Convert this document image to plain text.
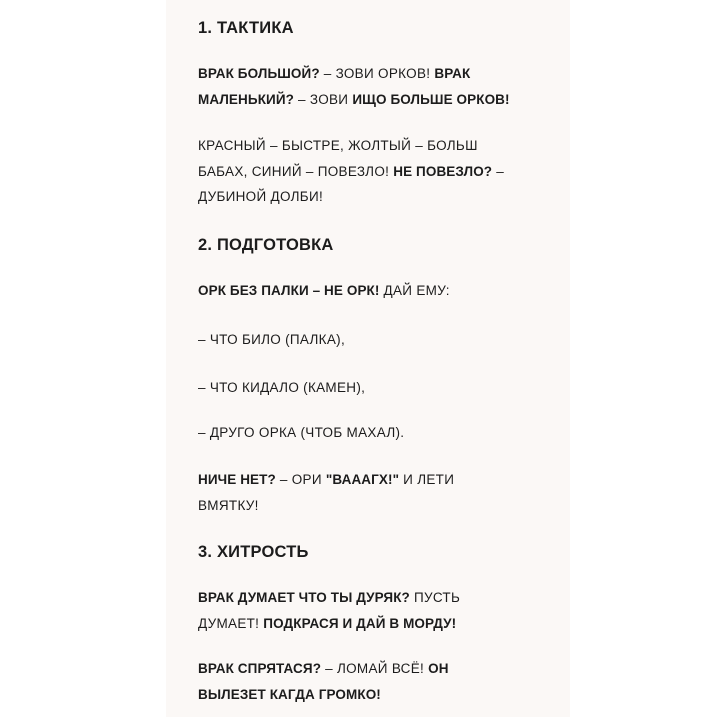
1. ТАКТИКА

ВРАК БОЛЬШОЙ? – ЗОВИ ОРКОВ! ВРАК
МАЛЕНЬКИЙ? – ЗОВИ ИЩО БОЛЬШЕ ОРКОВ!

КРАСНЫЙ – БЫСТРЕ, ЖОЛТЫЙ – БОЛЬШ
БАБАХ, СИНИЙ – ПОВЕЗЛО! НЕ ПОВЕЗЛО? –
ДУБИНОЙ ДОЛБИ!

2. ПОДГОТОВКА

ОРК БЕЗ ПАЛКИ – НЕ ОРК! ДАЙ ЕМУ:

– ЧТО БИЛО (ПАЛКА),

– ЧТО КИДАЛО (КАМЕН),

– ДРУГО ОРКА (ЧТОБ МАХАЛ).

НИЧЕ НЕТ? – ОРИ "ВАААГХ!" И ЛЕТИ
ВМЯТКУ!

3. ХИТРОСТЬ

ВРАК ДУМАЕТ ЧТО ТЫ ДУРЯК? ПУСТЬ
ДУМАЕТ! ПОДКРАСЯ И ДАЙ В МОРДУ!

ВРАК СПРЯТАСЯ? – ЛОМАЙ ВСЁ! ОН
ВЫЛЕЗЕТ КАГДА ГРОМКО!
